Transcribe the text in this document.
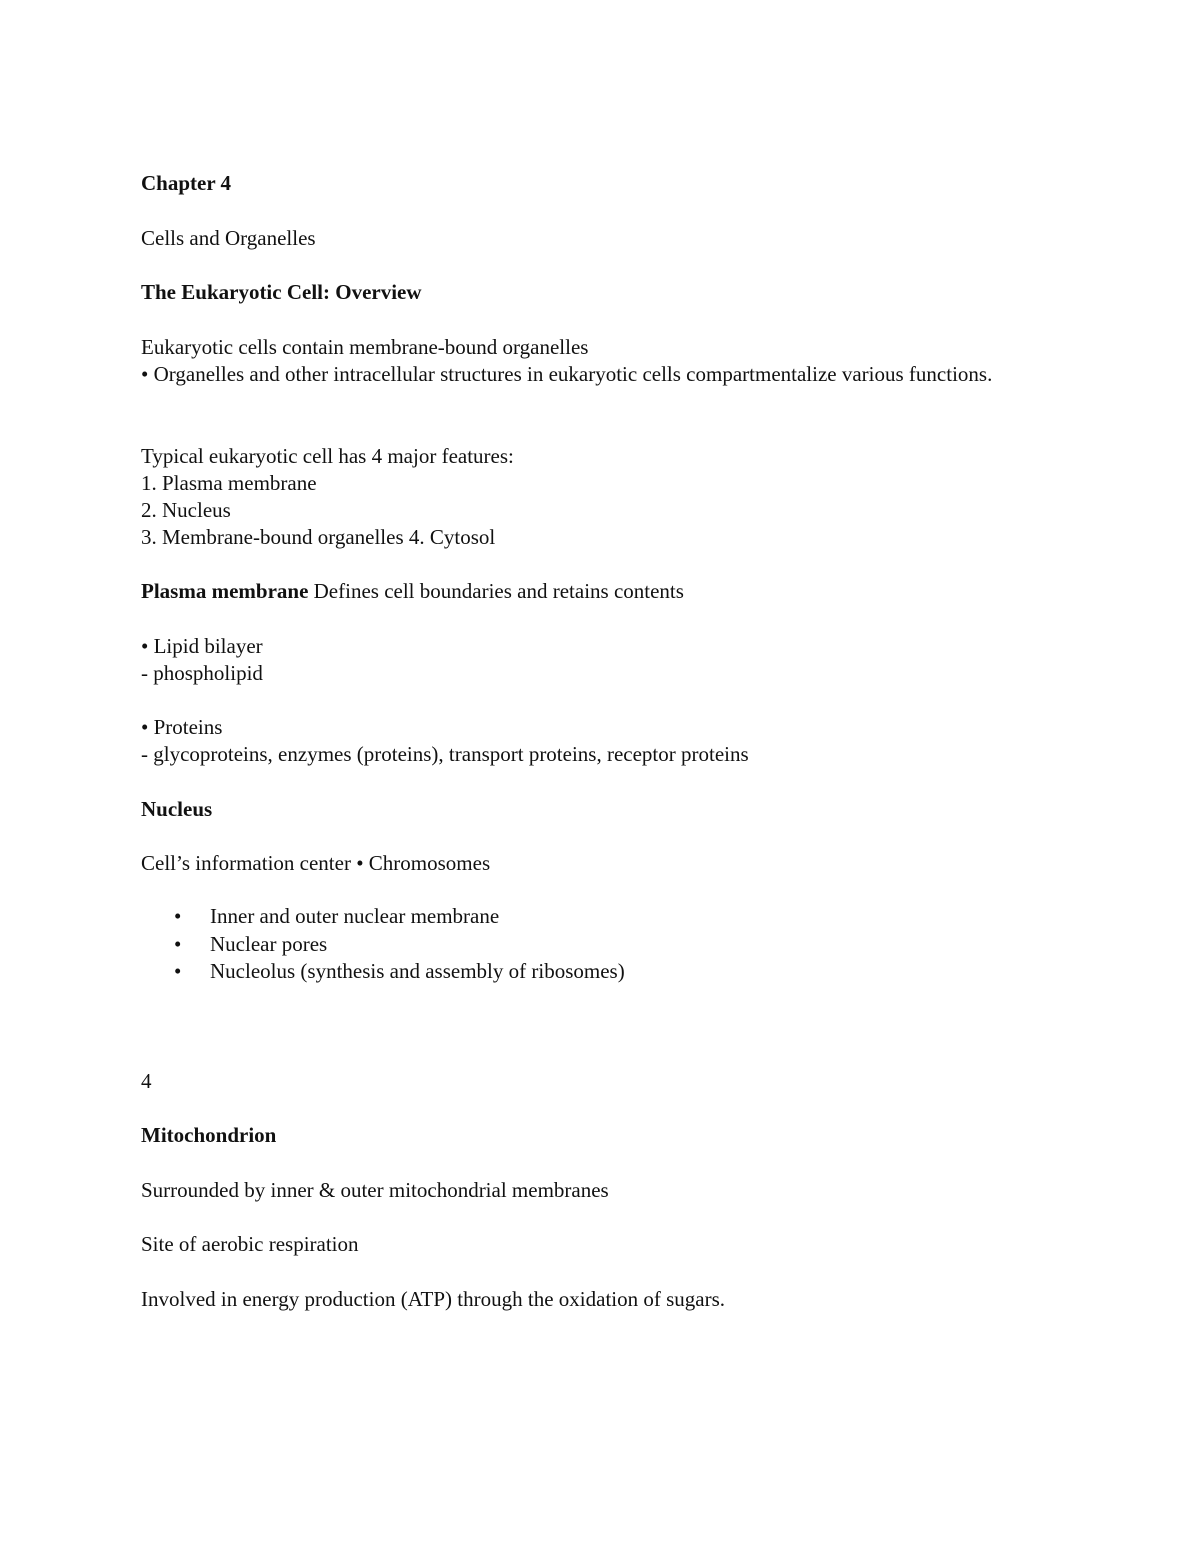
Chapter 4
Cells and Organelles
The Eukaryotic Cell: Overview
Eukaryotic cells contain membrane-bound organelles
• Organelles and other intracellular structures in eukaryotic cells compartmentalize various functions.
Typical eukaryotic cell has 4 major features:
1. Plasma membrane
2. Nucleus
3. Membrane-bound organelles 4. Cytosol
Plasma membrane Defines cell boundaries and retains contents
• Lipid bilayer
- phospholipid
• Proteins
- glycoproteins, enzymes (proteins), transport proteins, receptor proteins
Nucleus
Cell’s information center • Chromosomes
• Inner and outer nuclear membrane
• Nuclear pores
• Nucleolus (synthesis and assembly of ribosomes)
4
Mitochondrion
Surrounded by inner & outer mitochondrial membranes
Site of aerobic respiration
Involved in energy production (ATP) through the oxidation of sugars.
